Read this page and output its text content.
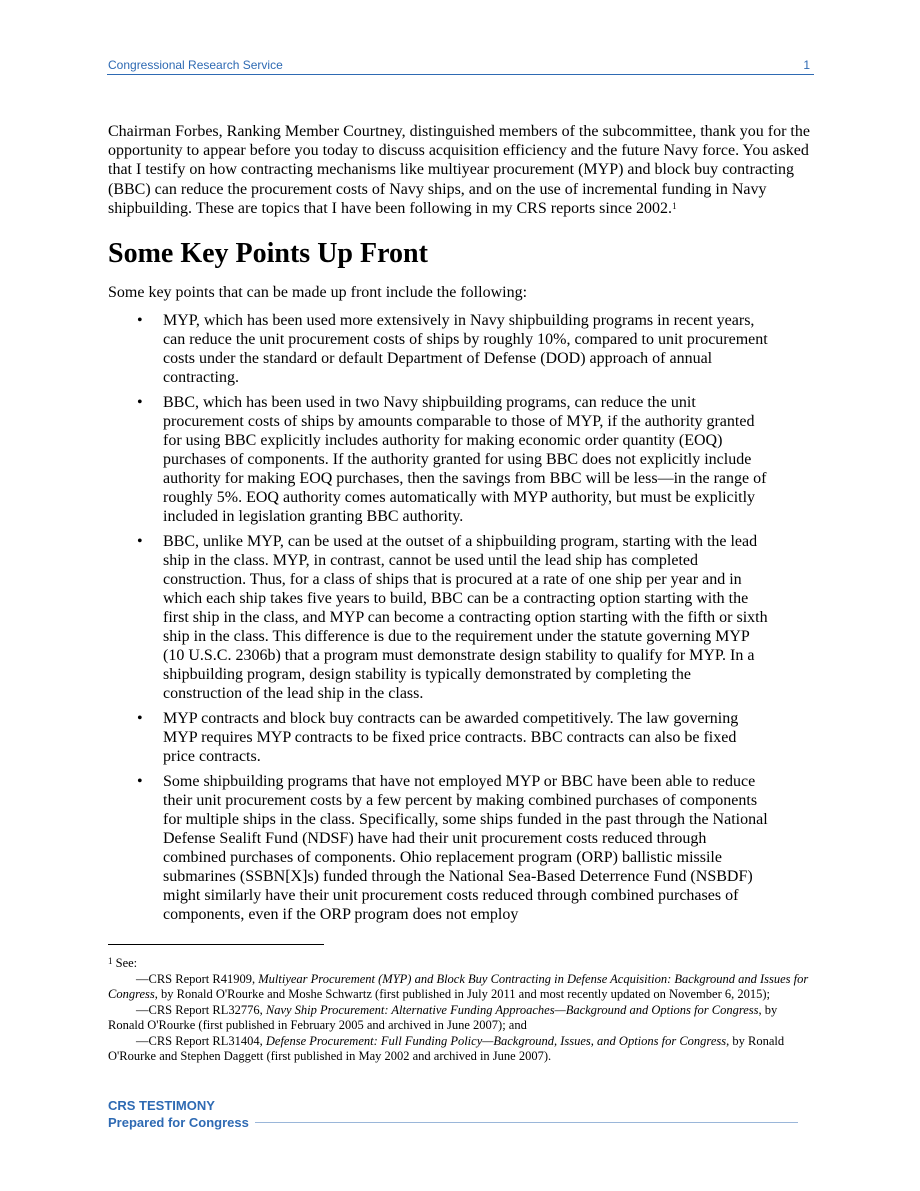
Congressional Research Service	1

Chairman Forbes, Ranking Member Courtney, distinguished members of the subcommittee, thank you for the opportunity to appear before you today to discuss acquisition efficiency and the future Navy force. You asked that I testify on how contracting mechanisms like multiyear procurement (MYP) and block buy contracting (BBC) can reduce the procurement costs of Navy ships, and on the use of incremental funding in Navy shipbuilding. These are topics that I have been following in my CRS reports since 2002.$^1$

Some Key Points Up Front

Some key points that can be made up front include the following:

• MYP, which has been used more extensively in Navy shipbuilding programs in recent years, can reduce the unit procurement costs of ships by roughly 10%, compared to unit procurement costs under the standard or default Department of Defense (DOD) approach of annual contracting.
• BBC, which has been used in two Navy shipbuilding programs, can reduce the unit procurement costs of ships by amounts comparable to those of MYP, if the authority granted for using BBC explicitly includes authority for making economic order quantity (EOQ) purchases of components. If the authority granted for using BBC does not explicitly include authority for making EOQ purchases, then the savings from BBC will be less—in the range of roughly 5%. EOQ authority comes automatically with MYP authority, but must be explicitly included in legislation granting BBC authority.
• BBC, unlike MYP, can be used at the outset of a shipbuilding program, starting with the lead ship in the class. MYP, in contrast, cannot be used until the lead ship has completed construction. Thus, for a class of ships that is procured at a rate of one ship per year and in which each ship takes five years to build, BBC can be a contracting option starting with the first ship in the class, and MYP can become a contracting option starting with the fifth or sixth ship in the class. This difference is due to the requirement under the statute governing MYP (10 U.S.C. 2306b) that a program must demonstrate design stability to qualify for MYP. In a shipbuilding program, design stability is typically demonstrated by completing the construction of the lead ship in the class.
• MYP contracts and block buy contracts can be awarded competitively. The law governing MYP requires MYP contracts to be fixed price contracts. BBC contracts can also be fixed price contracts.
• Some shipbuilding programs that have not employed MYP or BBC have been able to reduce their unit procurement costs by a few percent by making combined purchases of components for multiple ships in the class. Specifically, some ships funded in the past through the National Defense Sealift Fund (NDSF) have had their unit procurement costs reduced through combined purchases of components. Ohio replacement program (ORP) ballistic missile submarines (SSBN[X]s) funded through the National Sea-Based Deterrence Fund (NSBDF) might similarly have their unit procurement costs reduced through combined purchases of components, even if the ORP program does not employ

$^1$ See:

—CRS Report R41909, Multiyear Procurement (MYP) and Block Buy Contracting in Defense Acquisition: Background and Issues for Congress, by Ronald O'Rourke and Moshe Schwartz (first published in July 2011 and most recently updated on November 6, 2015);

—CRS Report RL32776, Navy Ship Procurement: Alternative Funding Approaches—Background and Options for Congress, by Ronald O'Rourke (first published in February 2005 and archived in June 2007); and

—CRS Report RL31404, Defense Procurement: Full Funding Policy—Background, Issues, and Options for Congress, by Ronald O'Rourke and Stephen Daggett (first published in May 2002 and archived in June 2007).

CRS TESTIMONY
Prepared for Congress
